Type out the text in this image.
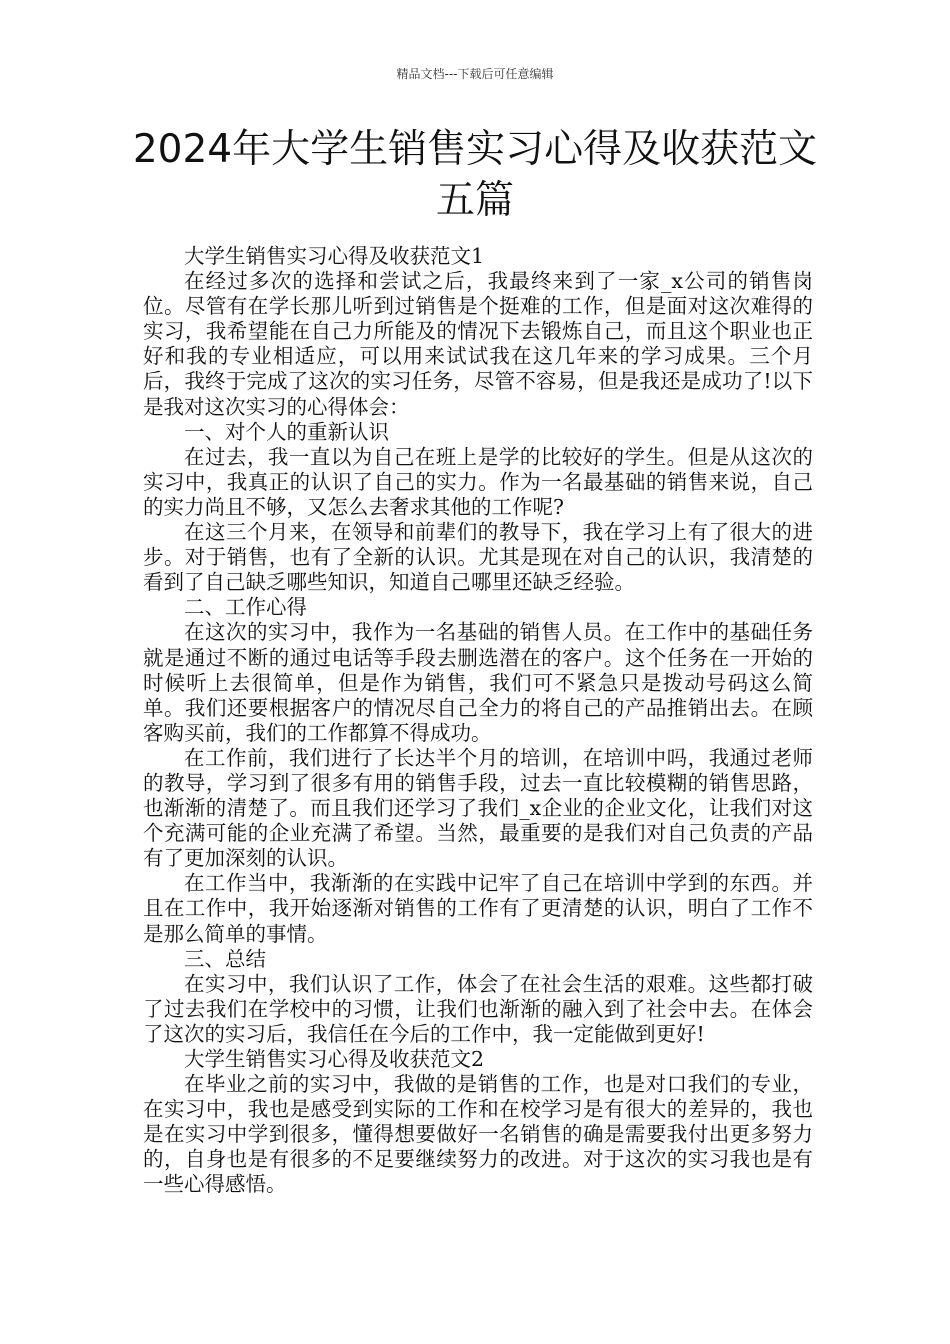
精品文档---下载后可任意编辑
2024年大学生销售实习心得及收获范文
五篇

大学生销售实习心得及收获范文1

在经过多次的选择和尝试之后，我最终来到了一家_x公司的销售岗位。尽管有在学长那儿听到过销售是个挺难的工作，但是面对这次难得的实习，我希望能在自己力所能及的情况下去锻炼自己，而且这个职业也正好和我的专业相适应，可以用来试试我在这几年来的学习成果。三个月后，我终于完成了这次的实习任务，尽管不容易，但是我还是成功了!以下是我对这次实习的心得体会：

一、对个人的重新认识

在过去，我一直以为自己在班上是学的比较好的学生。但是从这次的实习中，我真正的认识了自己的实力。作为一名最基础的销售来说，自己的实力尚且不够，又怎么去奢求其他的工作呢?

在这三个月来，在领导和前辈们的教导下，我在学习上有了很大的进步。对于销售，也有了全新的认识。尤其是现在对自己的认识，我清楚的看到了自己缺乏哪些知识，知道自己哪里还缺乏经验。

二、工作心得

在这次的实习中，我作为一名基础的销售人员。在工作中的基础任务就是通过不断的通过电话等手段去删选潜在的客户。这个任务在一开始的时候听上去很简单，但是作为销售，我们可不紧急只是拨动号码这么简单。我们还要根据客户的情况尽自己全力的将自己的产品推销出去。在顾客购买前，我们的工作都算不得成功。

在工作前，我们进行了长达半个月的培训，在培训中吗，我通过老师的教导，学习到了很多有用的销售手段，过去一直比较模糊的销售思路，也渐渐的清楚了。而且我们还学习了我们_x企业的企业文化，让我们对这个充满可能的企业充满了希望。当然，最重要的是我们对自己负责的产品有了更加深刻的认识。

在工作当中，我渐渐的在实践中记牢了自己在培训中学到的东西。并且在工作中，我开始逐渐对销售的工作有了更清楚的认识，明白了工作不是那么简单的事情。

三、总结

在实习中，我们认识了工作，体会了在社会生活的艰难。这些都打破了过去我们在学校中的习惯，让我们也渐渐的融入到了社会中去。在体会了这次的实习后，我信任在今后的工作中，我一定能做到更好!

大学生销售实习心得及收获范文2

在毕业之前的实习中，我做的是销售的工作，也是对口我们的专业，在实习中，我也是感受到实际的工作和在校学习是有很大的差异的，我也是在实习中学到很多，懂得想要做好一名销售的确是需要我付出更多努力的，自身也是有很多的不足要继续努力的改进。对于这次的实习我也是有一些心得感悟。
